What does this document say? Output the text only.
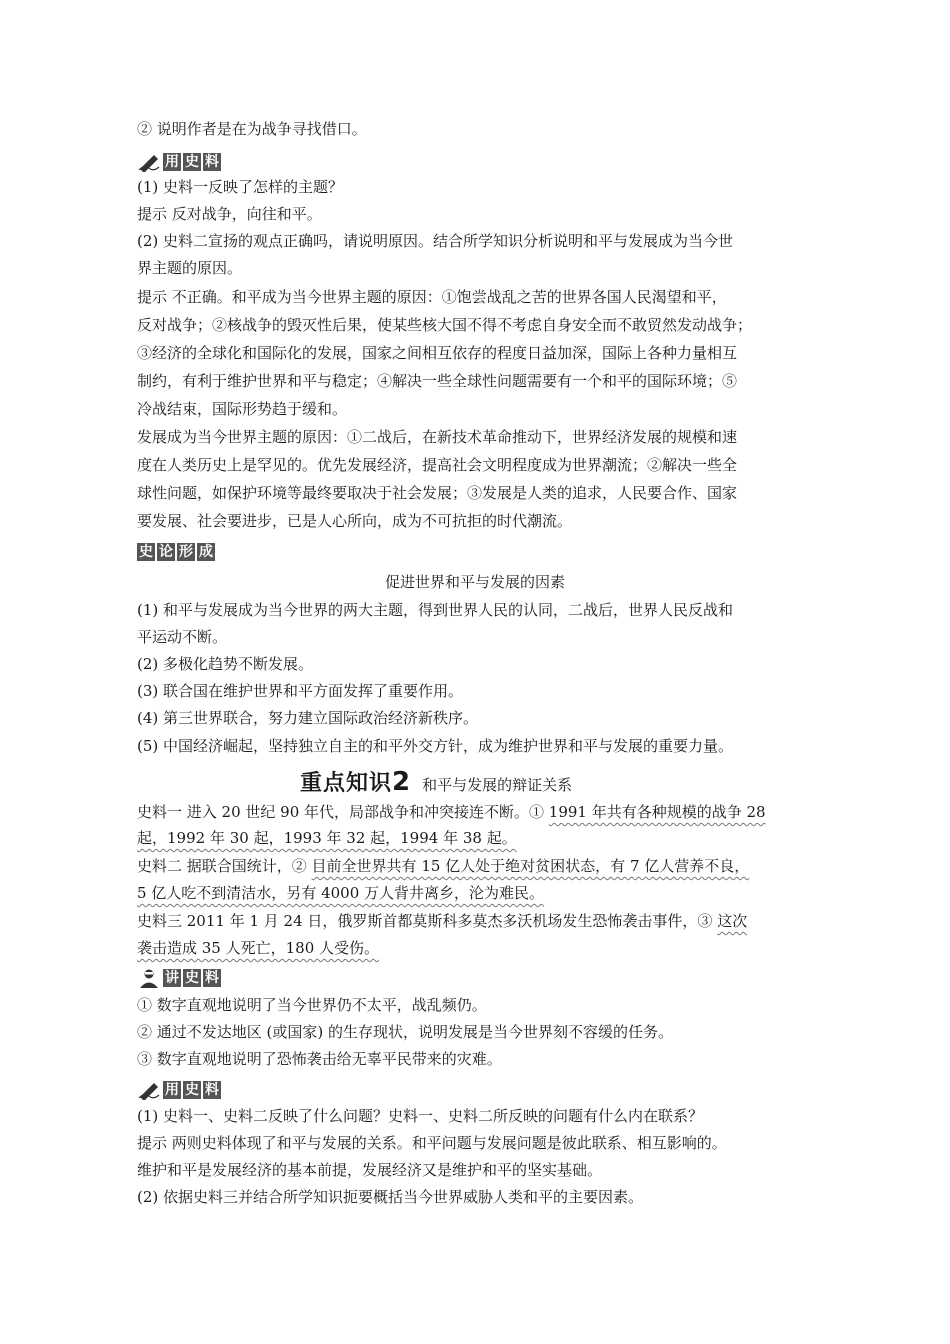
② 说明作者是在为战争寻找借口。
用 史 料
(1) 史料一反映了怎样的主题？
提示 反对战争，向往和平。
(2) 史料二宣扬的观点正确吗，请说明原因。结合所学知识分析说明和平与发展成为当今世
界主题的原因。
提示 不正确。和平成为当今世界主题的原因：①饱尝战乱之苦的世界各国人民渴望和平，
反对战争；②核战争的毁灭性后果，使某些核大国不得不考虑自身安全而不敢贸然发动战争；
③经济的全球化和国际化的发展，国家之间相互依存的程度日益加深，国际上各种力量相互
制约，有利于维护世界和平与稳定；④解决一些全球性问题需要有一个和平的国际环境；⑤
冷战结束，国际形势趋于缓和。
发展成为当今世界主题的原因：①二战后，在新技术革命推动下，世界经济发展的规模和速
度在人类历史上是罕见的。优先发展经济，提高社会文明程度成为世界潮流；②解决一些全
球性问题，如保护环境等最终要取决于社会发展；③发展是人类的追求，人民要合作、国家
要发展、社会要进步，已是人心所向，成为不可抗拒的时代潮流。
史 论 形 成
促进世界和平与发展的因素
(1) 和平与发展成为当今世界的两大主题，得到世界人民的认同，二战后，世界人民反战和
平运动不断。
(2) 多极化趋势不断发展。
(3) 联合国在维护世界和平方面发挥了重要作用。
(4) 第三世界联合，努力建立国际政治经济新秩序。
(5) 中国经济崛起，坚持独立自主的和平外交方针，成为维护世界和平与发展的重要力量。
重点知识 2 和平与发展的辩证关系
史料一 进入 20 世纪 90 年代，局部战争和冲突接连不断。① 1991 年共有各种规模的战争 28
起，1992 年 30 起，1993 年 32 起，1994 年 38 起。
史料二 据联合国统计，② 目前全世界共有 15 亿人处于绝对贫困状态，有 7 亿人营养不良，
5 亿人吃不到清洁水，另有 4000 万人背井离乡，沦为难民。
史料三 2011 年 1 月 24 日，俄罗斯首都莫斯科多莫杰多沃机场发生恐怖袭击事件，③ 这次
袭击造成 35 人死亡，180 人受伤。
讲 史 料
① 数字直观地说明了当今世界仍不太平，战乱频仍。
② 通过不发达地区 (或国家) 的生存现状，说明发展是当今世界刻不容缓的任务。
③ 数字直观地说明了恐怖袭击给无辜平民带来的灾难。
用 史 料
(1) 史料一、史料二反映了什么问题？史料一、史料二所反映的问题有什么内在联系？
提示 两则史料体现了和平与发展的关系。和平问题与发展问题是彼此联系、相互影响的。
维护和平是发展经济的基本前提，发展经济又是维护和平的坚实基础。
(2) 依据史料三并结合所学知识扼要概括当今世界威胁人类和平的主要因素。
